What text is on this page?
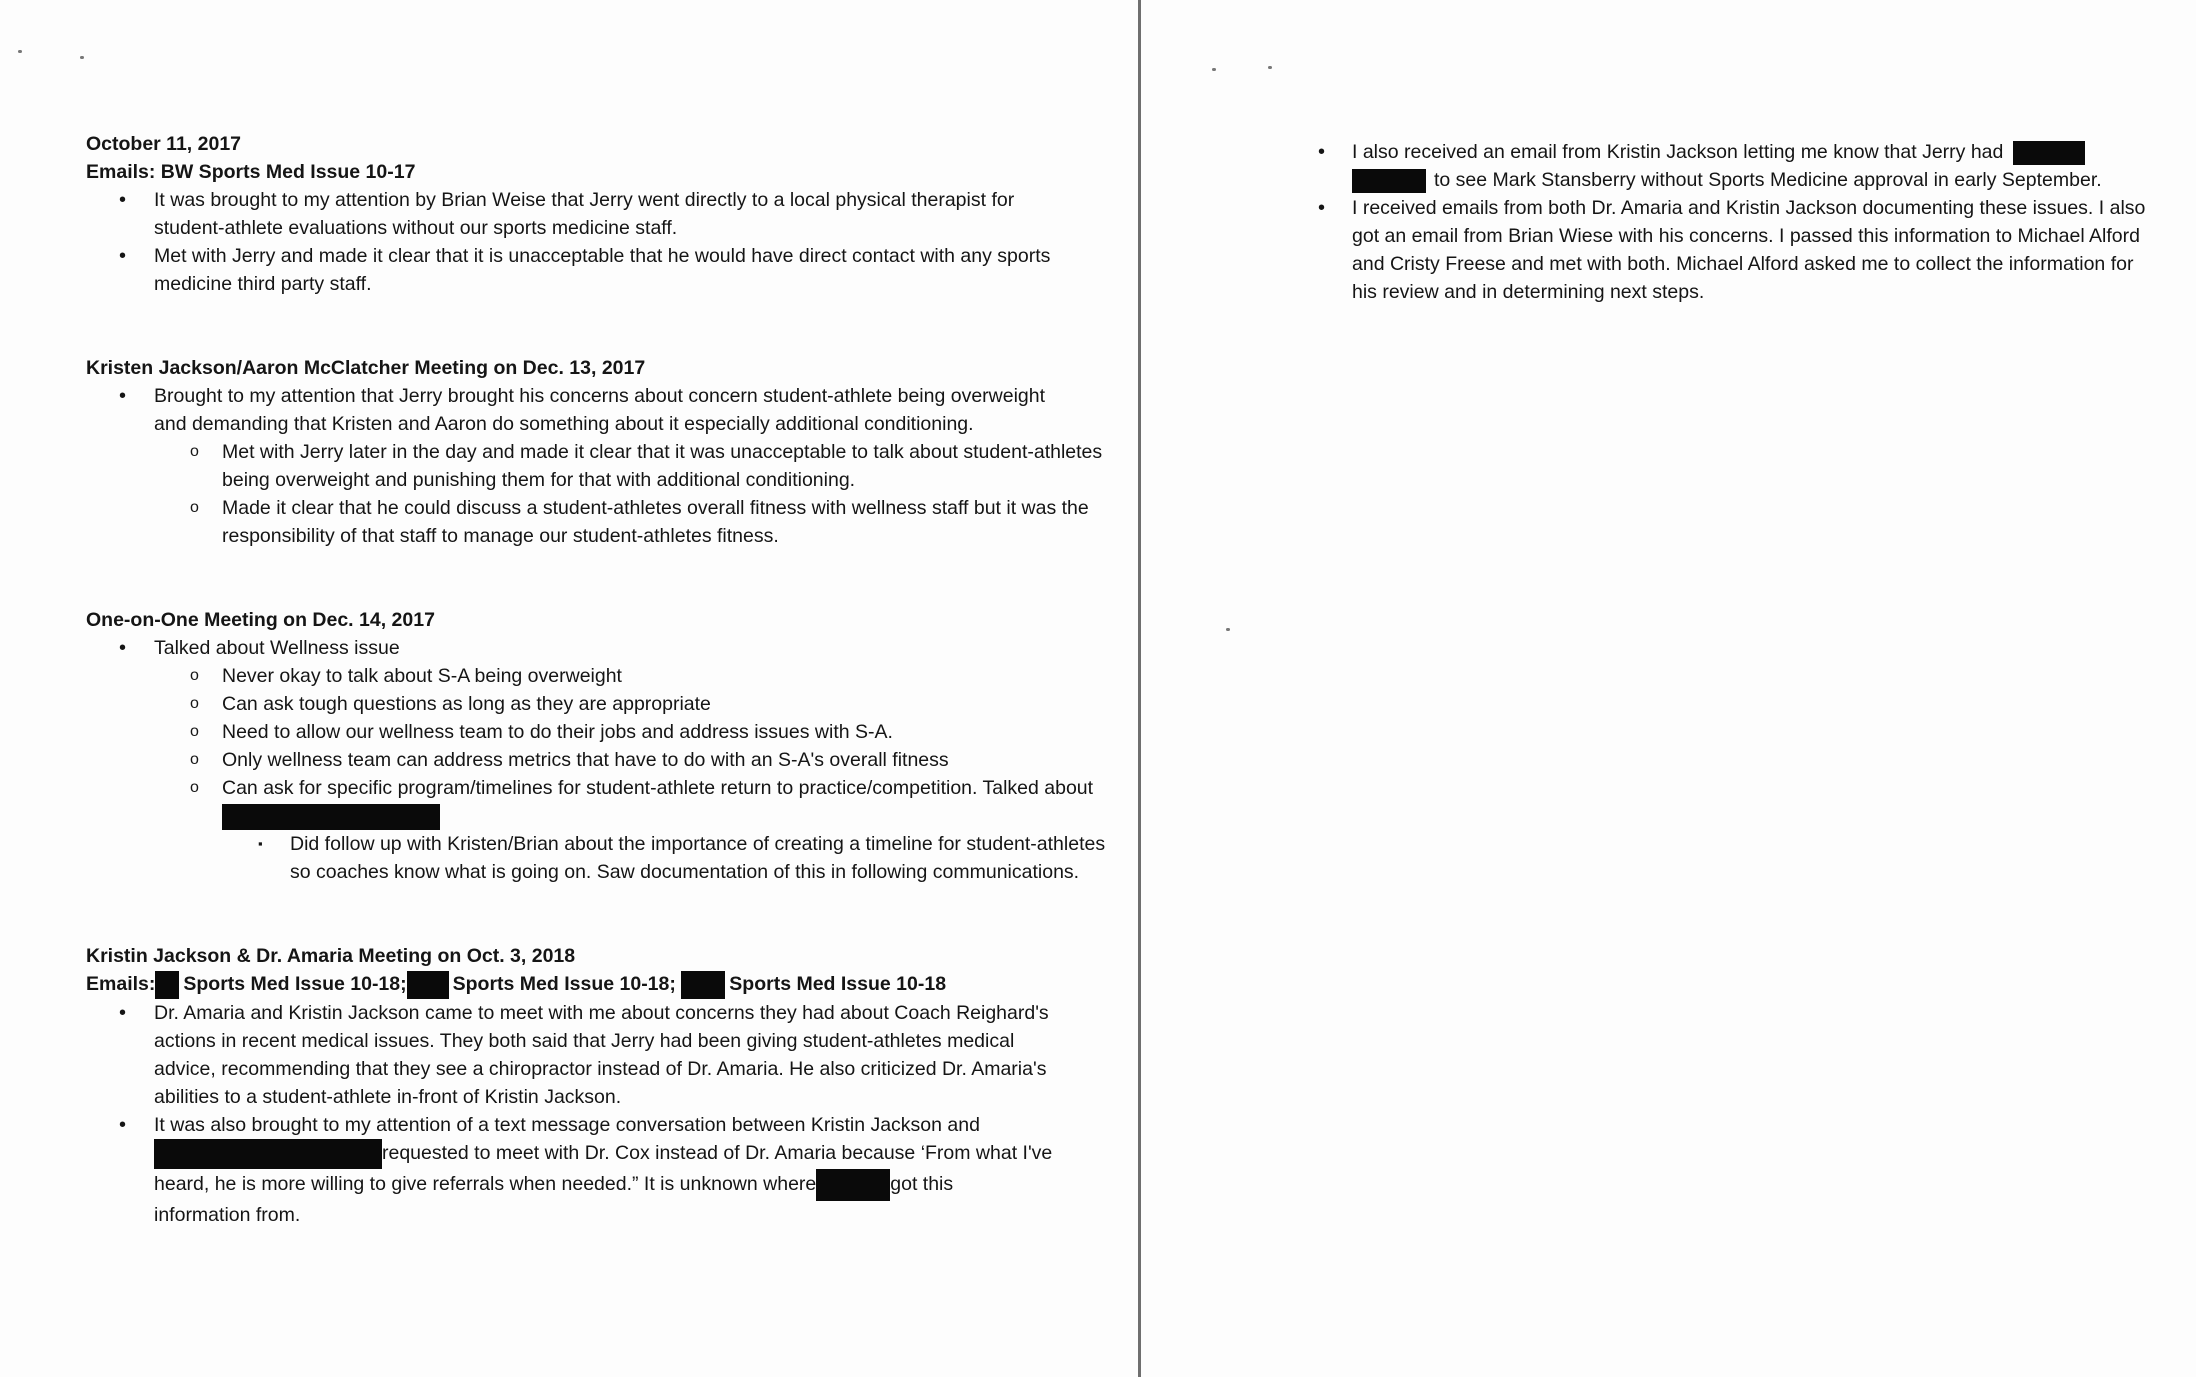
October 11, 2017
Emails: BW Sports Med Issue 10-17
• It was brought to my attention by Brian Weise that Jerry went directly to a local physical therapist for student-athlete evaluations without our sports medicine staff.
• Met with Jerry and made it clear that it is unacceptable that he would have direct contact with any sports medicine third party staff.
Kristen Jackson/Aaron McClatcher Meeting on Dec. 13, 2017
• Brought to my attention that Jerry brought his concerns about concern student-athlete being overweight and demanding that Kristen and Aaron do something about it especially additional conditioning.
o Met with Jerry later in the day and made it clear that it was unacceptable to talk about student-athletes being overweight and punishing them for that with additional conditioning.
o Made it clear that he could discuss a student-athletes overall fitness with wellness staff but it was the responsibility of that staff to manage our student-athletes fitness.
One-on-One Meeting on Dec. 14, 2017
• Talked about Wellness issue
o Never okay to talk about S-A being overweight
o Can ask tough questions as long as they are appropriate
o Need to allow our wellness team to do their jobs and address issues with S-A.
o Only wellness team can address metrics that have to do with an S-A's overall fitness
o Can ask for specific program/timelines for student-athlete return to practice/competition. Talked about
▪ Did follow up with Kristen/Brian about the importance of creating a timeline for student-athletes so coaches know what is going on. Saw documentation of this in following communications.
Kristin Jackson & Dr. Amaria Meeting on Oct. 3, 2018
Emails: Sports Med Issue 10-18; Sports Med Issue 10-18;	Sports Med Issue 10-18
• Dr. Amaria and Kristin Jackson came to meet with me about concerns they had about Coach Reighard's actions in recent medical issues. They both said that Jerry had been giving student-athletes medical advice, recommending that they see a chiropractor instead of Dr. Amaria. He also criticized Dr. Amaria's abilities to a student-athlete in-front of Kristin Jackson.
• It was also brought to my attention of a text message conversation between Kristin Jackson and requested to meet with Dr. Cox instead of Dr. Amaria because ‘From what I've heard, he is more willing to give referrals when needed.” It is unknown where	got this information from.
• I also received an email from Kristin Jackson letting me know that Jerry had
to see Mark Stansberry without Sports Medicine approval in early September.
• I received emails from both Dr. Amaria and Kristin Jackson documenting these issues. I also got an email from Brian Wiese with his concerns. I passed this information to Michael Alford and Cristy Freese and met with both. Michael Alford asked me to collect the information for his review and in determining next steps.
